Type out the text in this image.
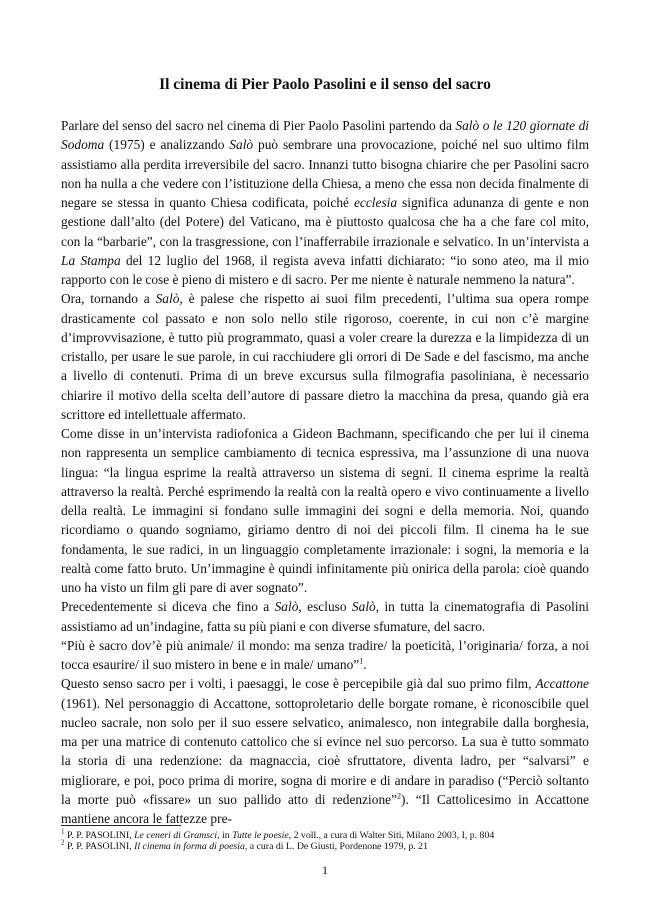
Il cinema di Pier Paolo Pasolini e il senso del sacro

Parlare del senso del sacro nel cinema di Pier Paolo Pasolini partendo da Salò o le 120 giornate di Sodoma (1975) e analizzando Salò può sembrare una provocazione, poiché nel suo ultimo film assistiamo alla perdita irreversibile del sacro. Innanzi tutto bisogna chiarire che per Pasolini sacro non ha nulla a che vedere con l’istituzione della Chiesa, a meno che essa non decida finalmente di negare se stessa in quanto Chiesa codificata, poiché ecclesia significa adunanza di gente e non gestione dall’alto (del Potere) del Vaticano, ma è piuttosto qualcosa che ha a che fare col mito, con la “barbarie”, con la trasgressione, con l’inafferrabile irrazionale e selvatico. In un’intervista a La Stampa del 12 luglio del 1968, il regista aveva infatti dichiarato: “io sono ateo, ma il mio rapporto con le cose è pieno di mistero e di sacro. Per me niente è naturale nemmeno la natura”.

Ora, tornando a Salò, è palese che rispetto ai suoi film precedenti, l’ultima sua opera rompe drasticamente col passato e non solo nello stile rigoroso, coerente, in cui non c’è margine d’improvvisazione, è tutto più programmato, quasi a voler creare la durezza e la limpidezza di un cristallo, per usare le sue parole, in cui racchiudere gli orrori di De Sade e del fascismo, ma anche a livello di contenuti. Prima di un breve excursus sulla filmografia pasoliniana, è necessario chiarire il motivo della scelta dell’autore di passare dietro la macchina da presa, quando già era scrittore ed intellettuale affermato.

Come disse in un’intervista radiofonica a Gideon Bachmann, specificando che per lui il cinema non rappresenta un semplice cambiamento di tecnica espressiva, ma l’assunzione di una nuova lingua: “la lingua esprime la realtà attraverso un sistema di segni. Il cinema esprime la realtà attraverso la realtà. Perché esprimendo la realtà con la realtà opero e vivo continuamente a livello della realtà. Le immagini si fondano sulle immagini dei sogni e della memoria. Noi, quando ricordiamo o quando sogniamo, giriamo dentro di noi dei piccoli film. Il cinema ha le sue fondamenta, le sue radici, in un linguaggio completamente irrazionale: i sogni, la memoria e la realtà come fatto bruto. Un’immagine è quindi infinitamente più onirica della parola: cioè quando uno ha visto un film gli pare di aver sognato”.

Precedentemente si diceva che fino a Salò, escluso Salò, in tutta la cinematografia di Pasolini assistiamo ad un’indagine, fatta su più piani e con diverse sfumature, del sacro.

“Più è sacro dov’è più animale/ il mondo: ma senza tradire/ la poeticità, l’originaria/ forza, a noi tocca esaurire/ il suo mistero in bene e in male/ umano”$^1$.

Questo senso sacro per i volti, i paesaggi, le cose è percepibile già dal suo primo film, Accattone (1961). Nel personaggio di Accattone, sottoproletario delle borgate romane, è riconoscibile quel nucleo sacrale, non solo per il suo essere selvatico, animalesco, non integrabile dalla borghesia, ma per una matrice di contenuto cattolico che si evince nel suo percorso. La sua è tutto sommato la storia di una redenzione: da magnaccia, cioè sfruttatore, diventa ladro, per “salvarsi” e migliorare, e poi, poco prima di morire, sogna di morire e di andare in paradiso (“Perciò soltanto la morte può «fissare» un suo pallido atto di redenzione”$^2$). “Il Cattolicesimo in Accattone mantiene ancora le fattezze pre-

$^1$ P. P. PASOLINI, Le ceneri di Gramsci, in Tutte le poesie, 2 voll., a cura di Walter Siti, Milano 2003, I, p. 804

$^2$ P. P. PASOLINI, Il cinema in forma di poesia, a cura di L. De Giusti, Pordenone 1979, p. 21

1
